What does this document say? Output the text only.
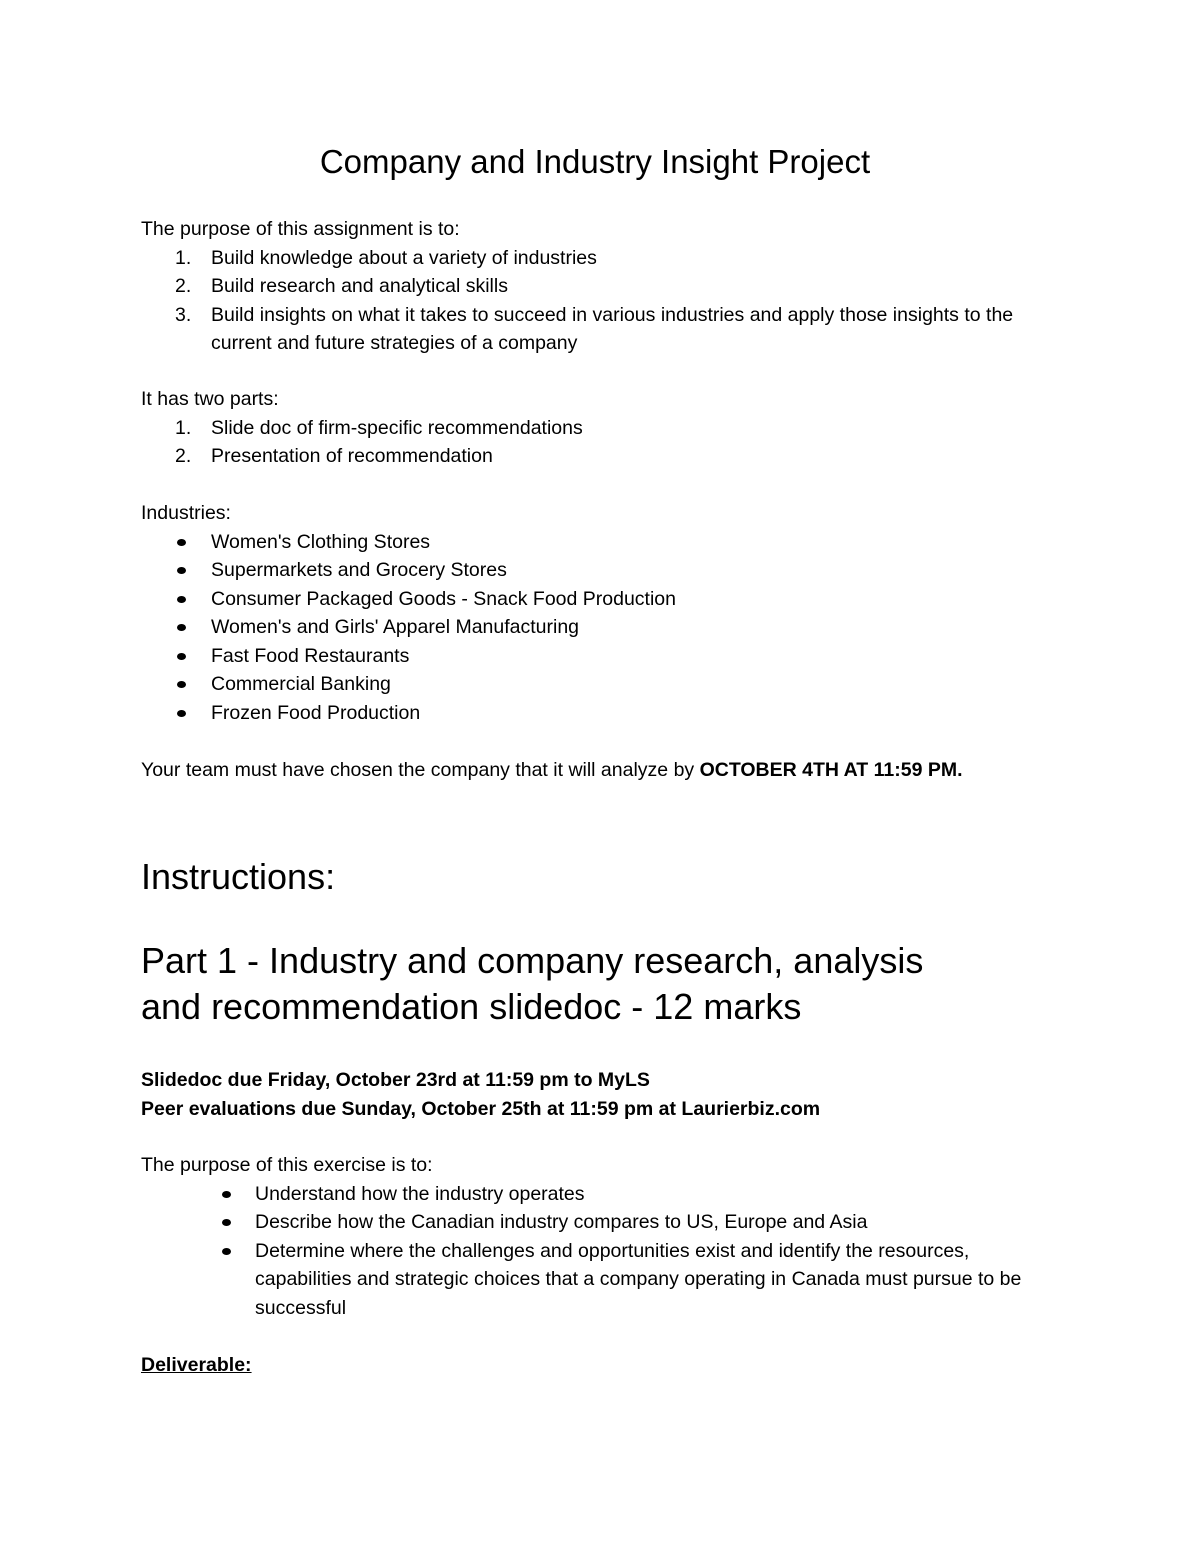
Company and Industry Insight Project

The purpose of this assignment is to:

1.	Build knowledge about a variety of industries
2.	Build research and analytical skills
3.	Build insights on what it takes to succeed in various industries and apply those insights to the current and future strategies of a company

It has two parts:

1.	Slide doc of firm-specific recommendations
2.	Presentation of recommendation

Industries:

Women's Clothing Stores
Supermarkets and Grocery Stores
Consumer Packaged Goods - Snack Food Production
Women's and Girls' Apparel Manufacturing
Fast Food Restaurants
Commercial Banking
Frozen Food Production

Your team must have chosen the company that it will analyze by OCTOBER 4TH AT 11:59 PM.

Instructions:
Part 1 - Industry and company research, analysis
and recommendation slidedoc - 12 marks

Slidedoc due Friday, October 23rd at 11:59 pm to MyLS

Peer evaluations due Sunday, October 25th at 11:59 pm at Laurierbiz.com

The purpose of this exercise is to:

Understand how the industry operates
Describe how the Canadian industry compares to US, Europe and Asia
Determine where the challenges and opportunities exist and identify the resources, capabilities and strategic choices that a company operating in Canada must pursue to be successful

Deliverable:
